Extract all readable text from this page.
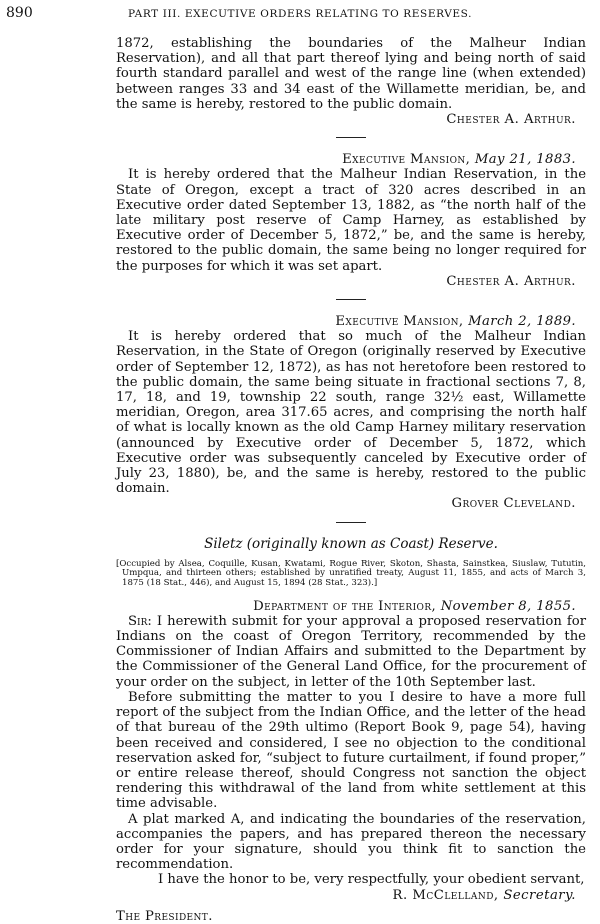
890	PART III. EXECUTIVE ORDERS RELATING TO RESERVES.

1872, establishing the boundaries of the Malheur Indian Reservation), and all that part thereof lying and being north of said fourth standard parallel and west of the range line (when extended) between ranges 33 and 34 east of the Willamette meridian, be, and the same is hereby, restored to the public domain.

Chester A. Arthur.

Executive Mansion, May 21, 1883.

It is hereby ordered that the Malheur Indian Reservation, in the State of Oregon, except a tract of 320 acres described in an Executive order dated September 13, 1882, as “the north half of the late military post reserve of Camp Harney, as established by Executive order of December 5, 1872,” be, and the same is hereby, restored to the public domain, the same being no longer required for the purposes for which it was set apart.

Chester A. Arthur.

Executive Mansion, March 2, 1889.

It is hereby ordered that so much of the Malheur Indian Reservation, in the State of Oregon (originally reserved by Executive order of September 12, 1872), as has not heretofore been restored to the public domain, the same being situate in fractional sections 7, 8, 17, 18, and 19, township 22 south, range 32½ east, Willamette meridian, Oregon, area 317.65 acres, and comprising the north half of what is locally known as the old Camp Harney military reservation (announced by Executive order of December 5, 1872, which Executive order was subsequently canceled by Executive order of July 23, 1880), be, and the same is hereby, restored to the public domain.

Grover Cleveland.

Siletz (originally known as Coast) Reserve.

[Occupied by Alsea, Coquille, Kusan, Kwatami, Rogue River, Skoton, Shasta, Sainstkea, Siuslaw, Tututin, Umpqua, and thirteen others; established by unratified treaty, August 11, 1855, and acts of March 3, 1875 (18 Stat., 446), and August 15, 1894 (28 Stat., 323).]

Department of the Interior, November 8, 1855.

Sir: I herewith submit for your approval a proposed reservation for Indians on the coast of Oregon Territory, recommended by the Commissioner of Indian Affairs and submitted to the Department by the Commissioner of the General Land Office, for the procurement of your order on the subject, in letter of the 10th September last.

Before submitting the matter to you I desire to have a more full report of the subject from the Indian Office, and the letter of the head of that bureau of the 29th ultimo (Report Book 9, page 54), having been received and considered, I see no objection to the conditional reservation asked for, “subject to future curtailment, if found proper,” or entire release thereof, should Congress not sanction the object rendering this withdrawal of the land from white settlement at this time advisable.

A plat marked A, and indicating the boundaries of the reservation, accompanies the papers, and has prepared thereon the necessary order for your signature, should you think fit to sanction the recommendation.

I have the honor to be, very respectfully, your obedient servant,

R. McClelland, Secretary.

The President.
